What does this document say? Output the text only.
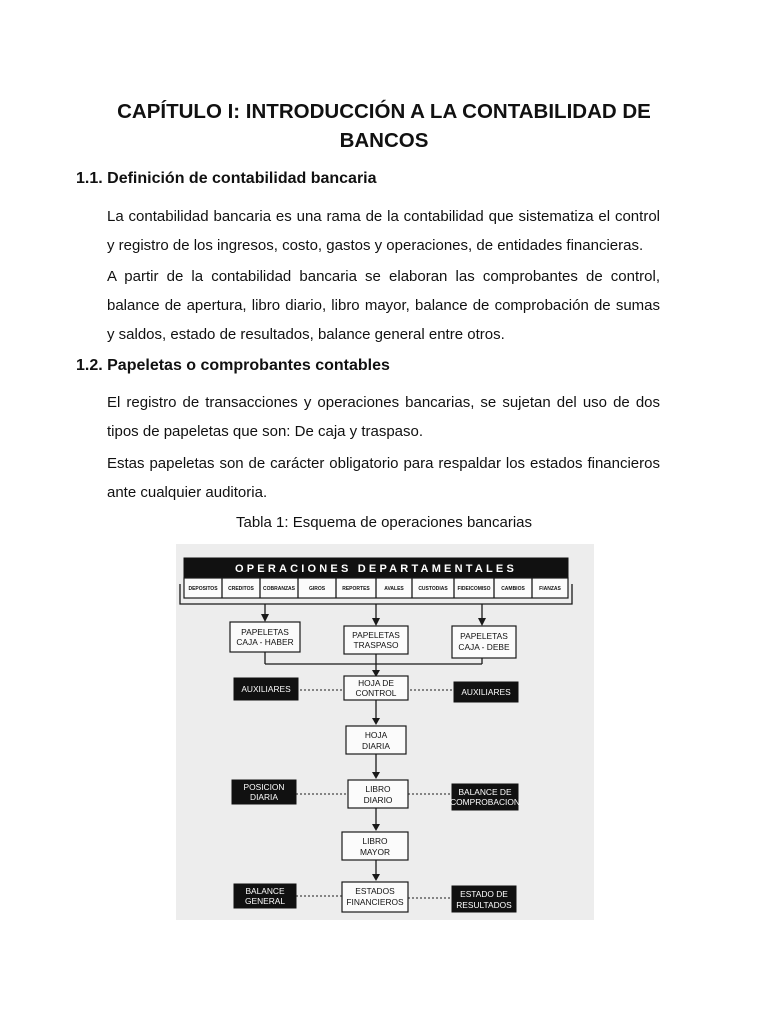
CAPÍTULO I: INTRODUCCIÓN A LA CONTABILIDAD DE
BANCOS
1.1. Definición de contabilidad bancaria

La contabilidad bancaria es una rama de la contabilidad que sistematiza el control y registro de los ingresos, costo, gastos y operaciones, de entidades financieras.

A partir de la contabilidad bancaria se elaboran las comprobantes de control, balance de apertura, libro diario, libro mayor, balance de comprobación de sumas y saldos, estado de resultados, balance general entre otros.

1.2. Papeletas o comprobantes contables

El registro de transacciones y operaciones bancarias, se sujetan del uso de dos tipos de papeletas que son: De caja y traspaso.

Estas papeletas son de carácter obligatorio para respaldar los estados financieros ante cualquier auditoria.

Tabla 1: Esquema de operaciones bancarias
OPERACIONES DEPARTAMENTALES
DEPOSITOS CREDITOS COBRANZAS	GIROS	REPORTES	AVALES	CUSTODIAS FIDEICOMISO CAMBIOS	FIANZAS
PAPELETAS
CAJA - HABER
PAPELETAS
TRASPASO
PAPELETAS
CAJA - DEBE
AUXILIARES	AUXILIARES
HOJA DE
CONTROL
HOJA
DIARIA
POSICION
DIARIA
LIBRO
DIARIO
BALANCE DE
COMPROBACION
LIBRO
MAYOR
BALANCE
GENERAL
ESTADOS
FINANCIEROS
ESTADO DE
RESULTADOS
